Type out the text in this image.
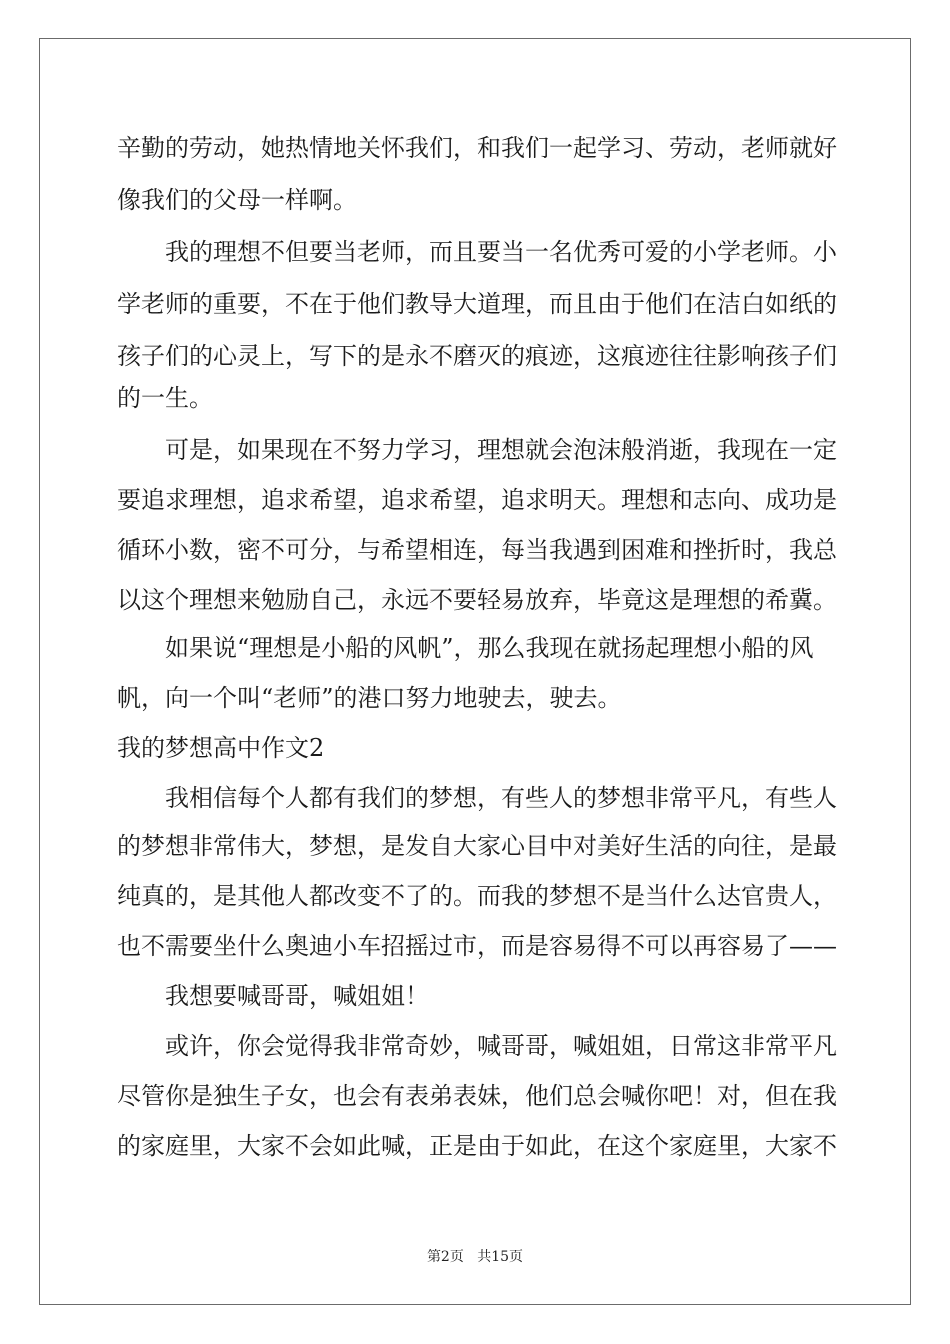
辛勤的劳动，她热情地关怀我们，和我们一起学习、劳动，老师就好

像我们的父母一样啊。

我的理想不但要当老师，而且要当一名优秀可爱的小学老师。小

学老师的重要，不在于他们教导大道理，而且由于他们在洁白如纸的

孩子们的心灵上，写下的是永不磨灭的痕迹，这痕迹往往影响孩子们

的一生。

可是，如果现在不努力学习，理想就会泡沫般消逝，我现在一定

要追求理想，追求希望，追求希望，追求明天。理想和志向、成功是

循环小数，密不可分，与希望相连，每当我遇到困难和挫折时，我总

以这个理想来勉励自己，永远不要轻易放弃，毕竟这是理想的希冀。

如果说“理想是小船的风帆”，那么我现在就扬起理想小船的风

帆，向一个叫“老师”的港口努力地驶去，驶去。

我的梦想高中作文2

我相信每个人都有我们的梦想，有些人的梦想非常平凡，有些人

的梦想非常伟大，梦想，是发自大家心目中对美好生活的向往，是最

纯真的，是其他人都改变不了的。而我的梦想不是当什么达官贵人，

也不需要坐什么奥迪小车招摇过市，而是容易得不可以再容易了——

我想要喊哥哥，喊姐姐！

或许，你会觉得我非常奇妙，喊哥哥，喊姐姐，日常这非常平凡

尽管你是独生子女，也会有表弟表妹，他们总会喊你吧！对，但在我

的家庭里，大家不会如此喊，正是由于如此，在这个家庭里，大家不

第2页 共15页
